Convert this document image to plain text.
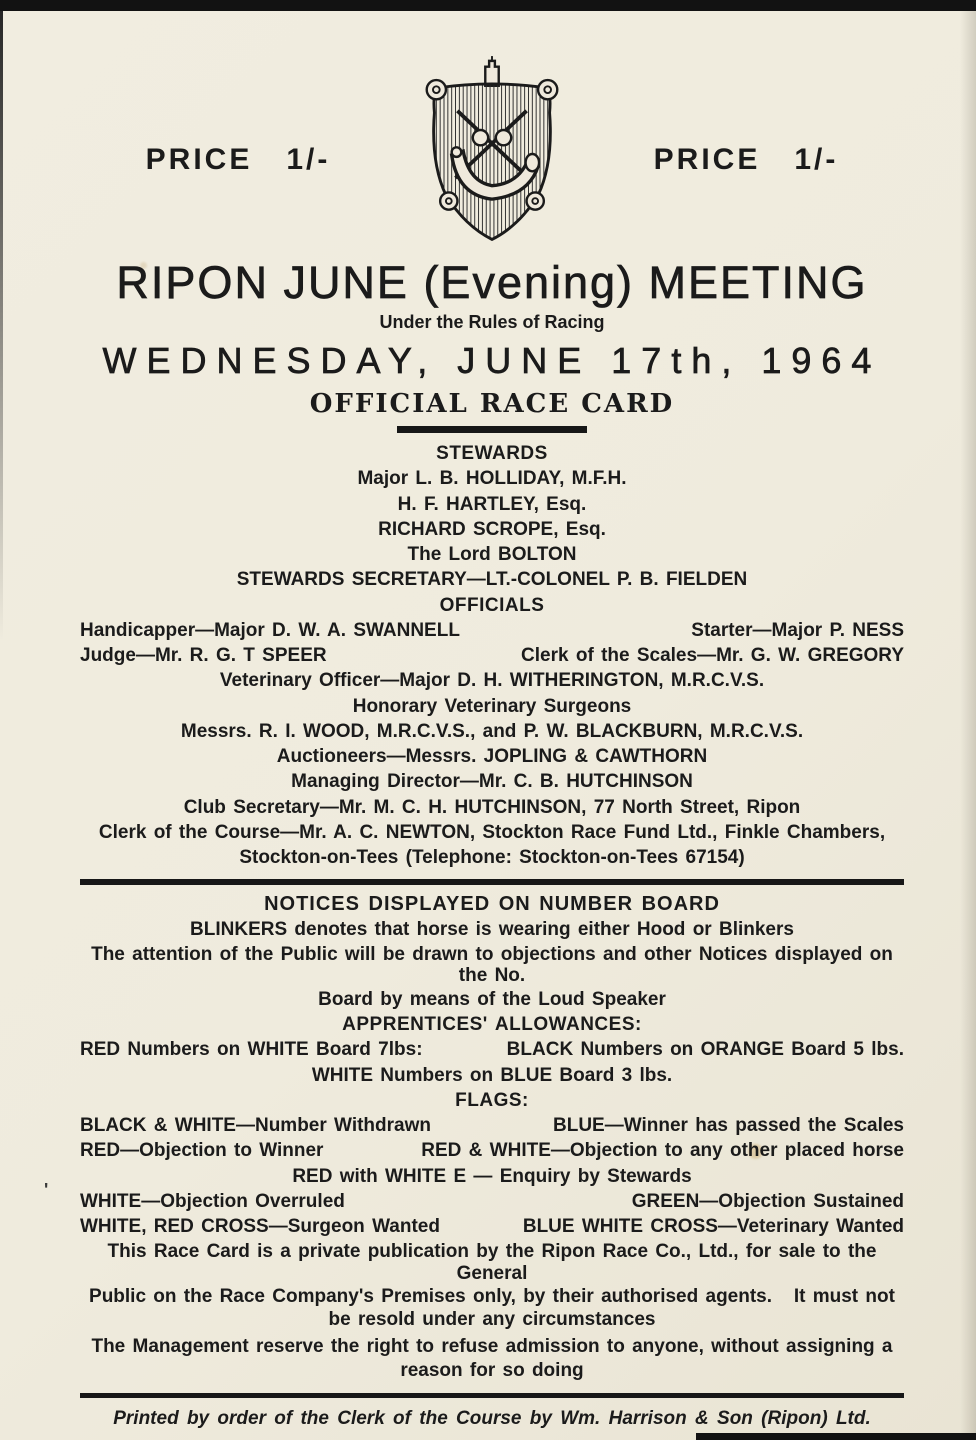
'
PRICE   1/-	PRICE   1/-
RIPON JUNE (Evening) MEETING
Under the Rules of Racing
WEDNESDAY, JUNE 17th, 1964
OFFICIAL RACE CARD
STEWARDS
Major L. B. HOLLIDAY, M.F.H.
H. F. HARTLEY, Esq.
RICHARD SCROPE, Esq.
The Lord BOLTON
STEWARDS SECRETARY—LT.-COLONEL P. B. FIELDEN
OFFICIALS
Handicapper—Major D. W. A. SWANNELL	Starter—Major P. NESS
Judge—Mr. R. G. T SPEER	Clerk of the Scales—Mr. G. W. GREGORY
Veterinary Officer—Major D. H. WITHERINGTON, M.R.C.V.S.
Honorary Veterinary Surgeons
Messrs. R. I. WOOD, M.R.C.V.S., and P. W. BLACKBURN, M.R.C.V.S.
Auctioneers—Messrs. JOPLING & CAWTHORN
Managing Director—Mr. C. B. HUTCHINSON
Club Secretary—Mr. M. C. H. HUTCHINSON, 77 North Street, Ripon
Clerk of the Course—Mr. A. C. NEWTON, Stockton Race Fund Ltd., Finkle Chambers,
Stockton-on-Tees (Telephone: Stockton-on-Tees 67154)
NOTICES DISPLAYED ON NUMBER BOARD
BLINKERS denotes that horse is wearing either Hood or Blinkers
The attention of the Public will be drawn to objections and other Notices displayed on the No.
Board by means of the Loud Speaker
APPRENTICES' ALLOWANCES:
RED Numbers on WHITE Board 7lbs:	BLACK Numbers on ORANGE Board 5 lbs.
WHITE Numbers on BLUE Board 3 lbs.
FLAGS:
BLACK & WHITE—Number Withdrawn	BLUE—Winner has passed the Scales
RED—Objection to Winner	RED & WHITE—Objection to any other placed horse
RED with WHITE E — Enquiry by Stewards
WHITE—Objection Overruled	GREEN—Objection Sustained
WHITE, RED CROSS—Surgeon Wanted	BLUE WHITE CROSS—Veterinary Wanted
This Race Card is a private publication by the Ripon Race Co., Ltd., for sale to the General
Public on the Race Company's Premises only, by their authorised agents.   It must not
be resold under any circumstances
The Management reserve the right to refuse admission to anyone, without assigning a
reason for so doing
Printed by order of the Clerk of the Course by Wm. Harrison & Son (Ripon) Ltd.
